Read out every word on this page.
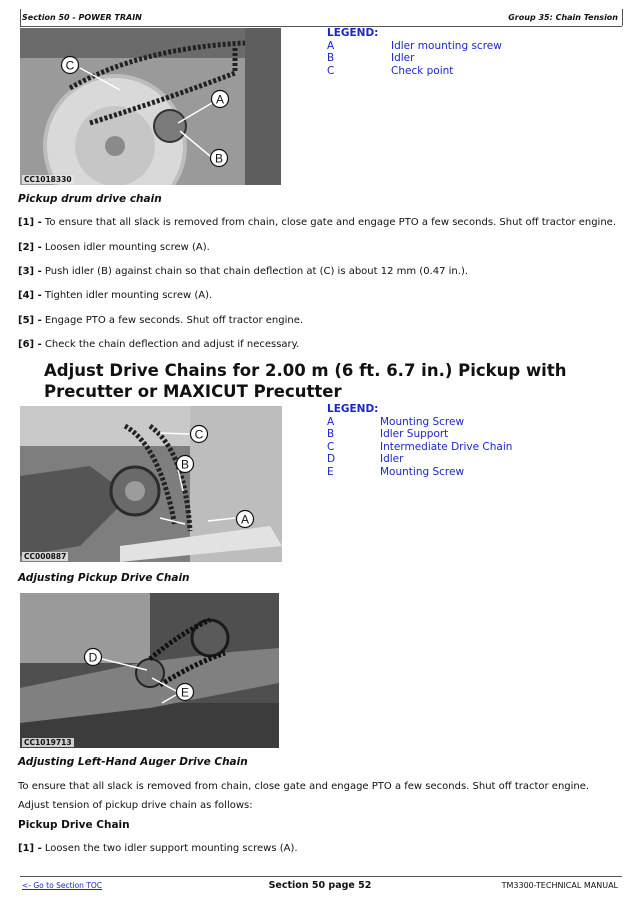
Section 50 - POWER TRAIN	Group 35: Chain Tension
C
A
B
CC1018330
LEGEND:
A	Idler mounting screw
B	Idler
C	Check point
Pickup drum drive chain
[1] - To ensure that all slack is removed from chain, close gate and engage PTO a few seconds. Shut off tractor engine.
[2] - Loosen idler mounting screw (A).
[3] - Push idler (B) against chain so that chain deflection at (C) is about 12 mm (0.47 in.).
[4] - Tighten idler mounting screw (A).
[5] - Engage PTO a few seconds. Shut off tractor engine.
[6] - Check the chain deflection and adjust if necessary.
Adjust Drive Chains for 2.00 m (6 ft. 6.7 in.) Pickup with Precutter or MAXICUT Precutter
C
B
A
CC000887
LEGEND:
A	Mounting Screw
B	Idler Support
C	Intermediate Drive Chain
D	Idler
E	Mounting Screw
Adjusting Pickup Drive Chain
D
E
CC1019713
Adjusting Left-Hand Auger Drive Chain
To ensure that all slack is removed from chain, close gate and engage PTO a few seconds. Shut off tractor engine.
Adjust tension of pickup drive chain as follows:
Pickup Drive Chain
[1] - Loosen the two idler support mounting screws (A).
<- Go to Section TOC	Section 50 page 52	TM3300-TECHNICAL MANUAL
